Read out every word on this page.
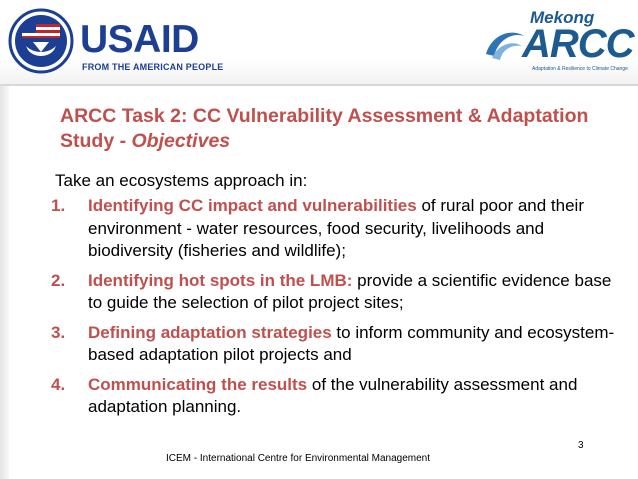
USAID
FROM THE AMERICAN PEOPLE
Mekong
ARCC
Adaptation & Resilience to Climate Change
ARCC Task 2: CC Vulnerability Assessment & Adaptation Study - Objectives
Take an ecosystems approach in:
1. Identifying CC impact and vulnerabilities of rural poor and their environment - water resources, food security, livelihoods and biodiversity (fisheries and wildlife);
2. Identifying hot spots in the LMB: provide a scientific evidence base to guide the selection of pilot project sites;
3. Defining adaptation strategies to inform community and ecosystem-based adaptation pilot projects and
4. Communicating the results of the vulnerability assessment and adaptation planning.
3
ICEM - International Centre for Environmental Management
